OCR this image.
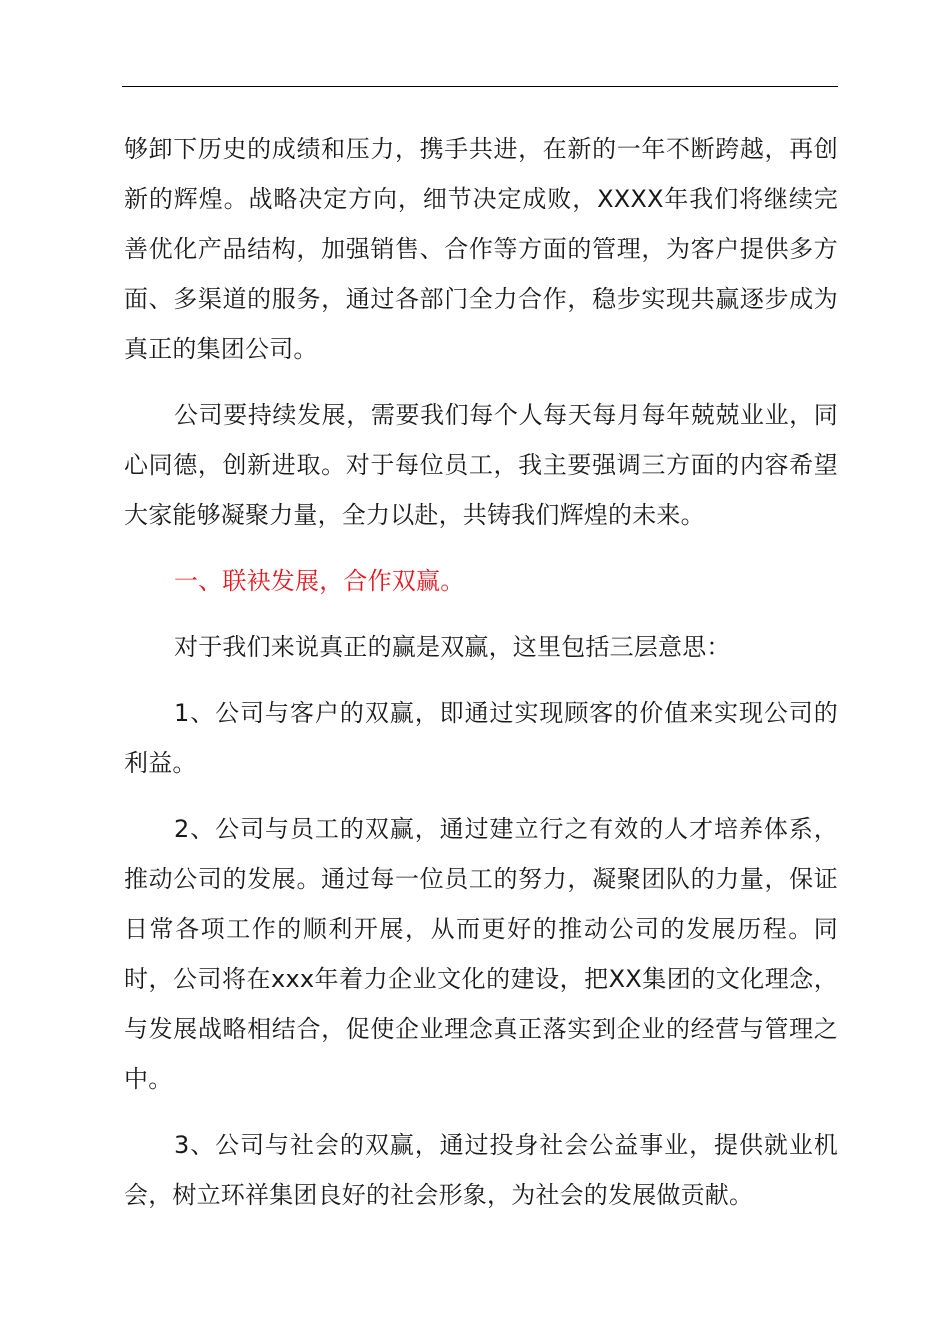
够卸下历史的成绩和压力，携手共进，在新的一年不断跨越，再创新的辉煌。战略决定方向，细节决定成败，XXXX年我们将继续完善优化产品结构，加强销售、合作等方面的管理，为客户提供多方面、多渠道的服务，通过各部门全力合作，稳步实现共赢逐步成为真正的集团公司。

公司要持续发展，需要我们每个人每天每月每年兢兢业业，同心同德，创新进取。对于每位员工，我主要强调三方面的内容希望大家能够凝聚力量，全力以赴，共铸我们辉煌的未来。

一、联袂发展，合作双赢。

对于我们来说真正的赢是双赢，这里包括三层意思：

1、公司与客户的双赢，即通过实现顾客的价值来实现公司的利益。

2、公司与员工的双赢，通过建立行之有效的人才培养体系，推动公司的发展。通过每一位员工的努力，凝聚团队的力量，保证日常各项工作的顺利开展，从而更好的推动公司的发展历程。同时，公司将在xxx年着力企业文化的建设，把XX集团的文化理念，与发展战略相结合，促使企业理念真正落实到企业的经营与管理之中。

3、公司与社会的双赢，通过投身社会公益事业，提供就业机会，树立环祥集团良好的社会形象，为社会的发展做贡献。
